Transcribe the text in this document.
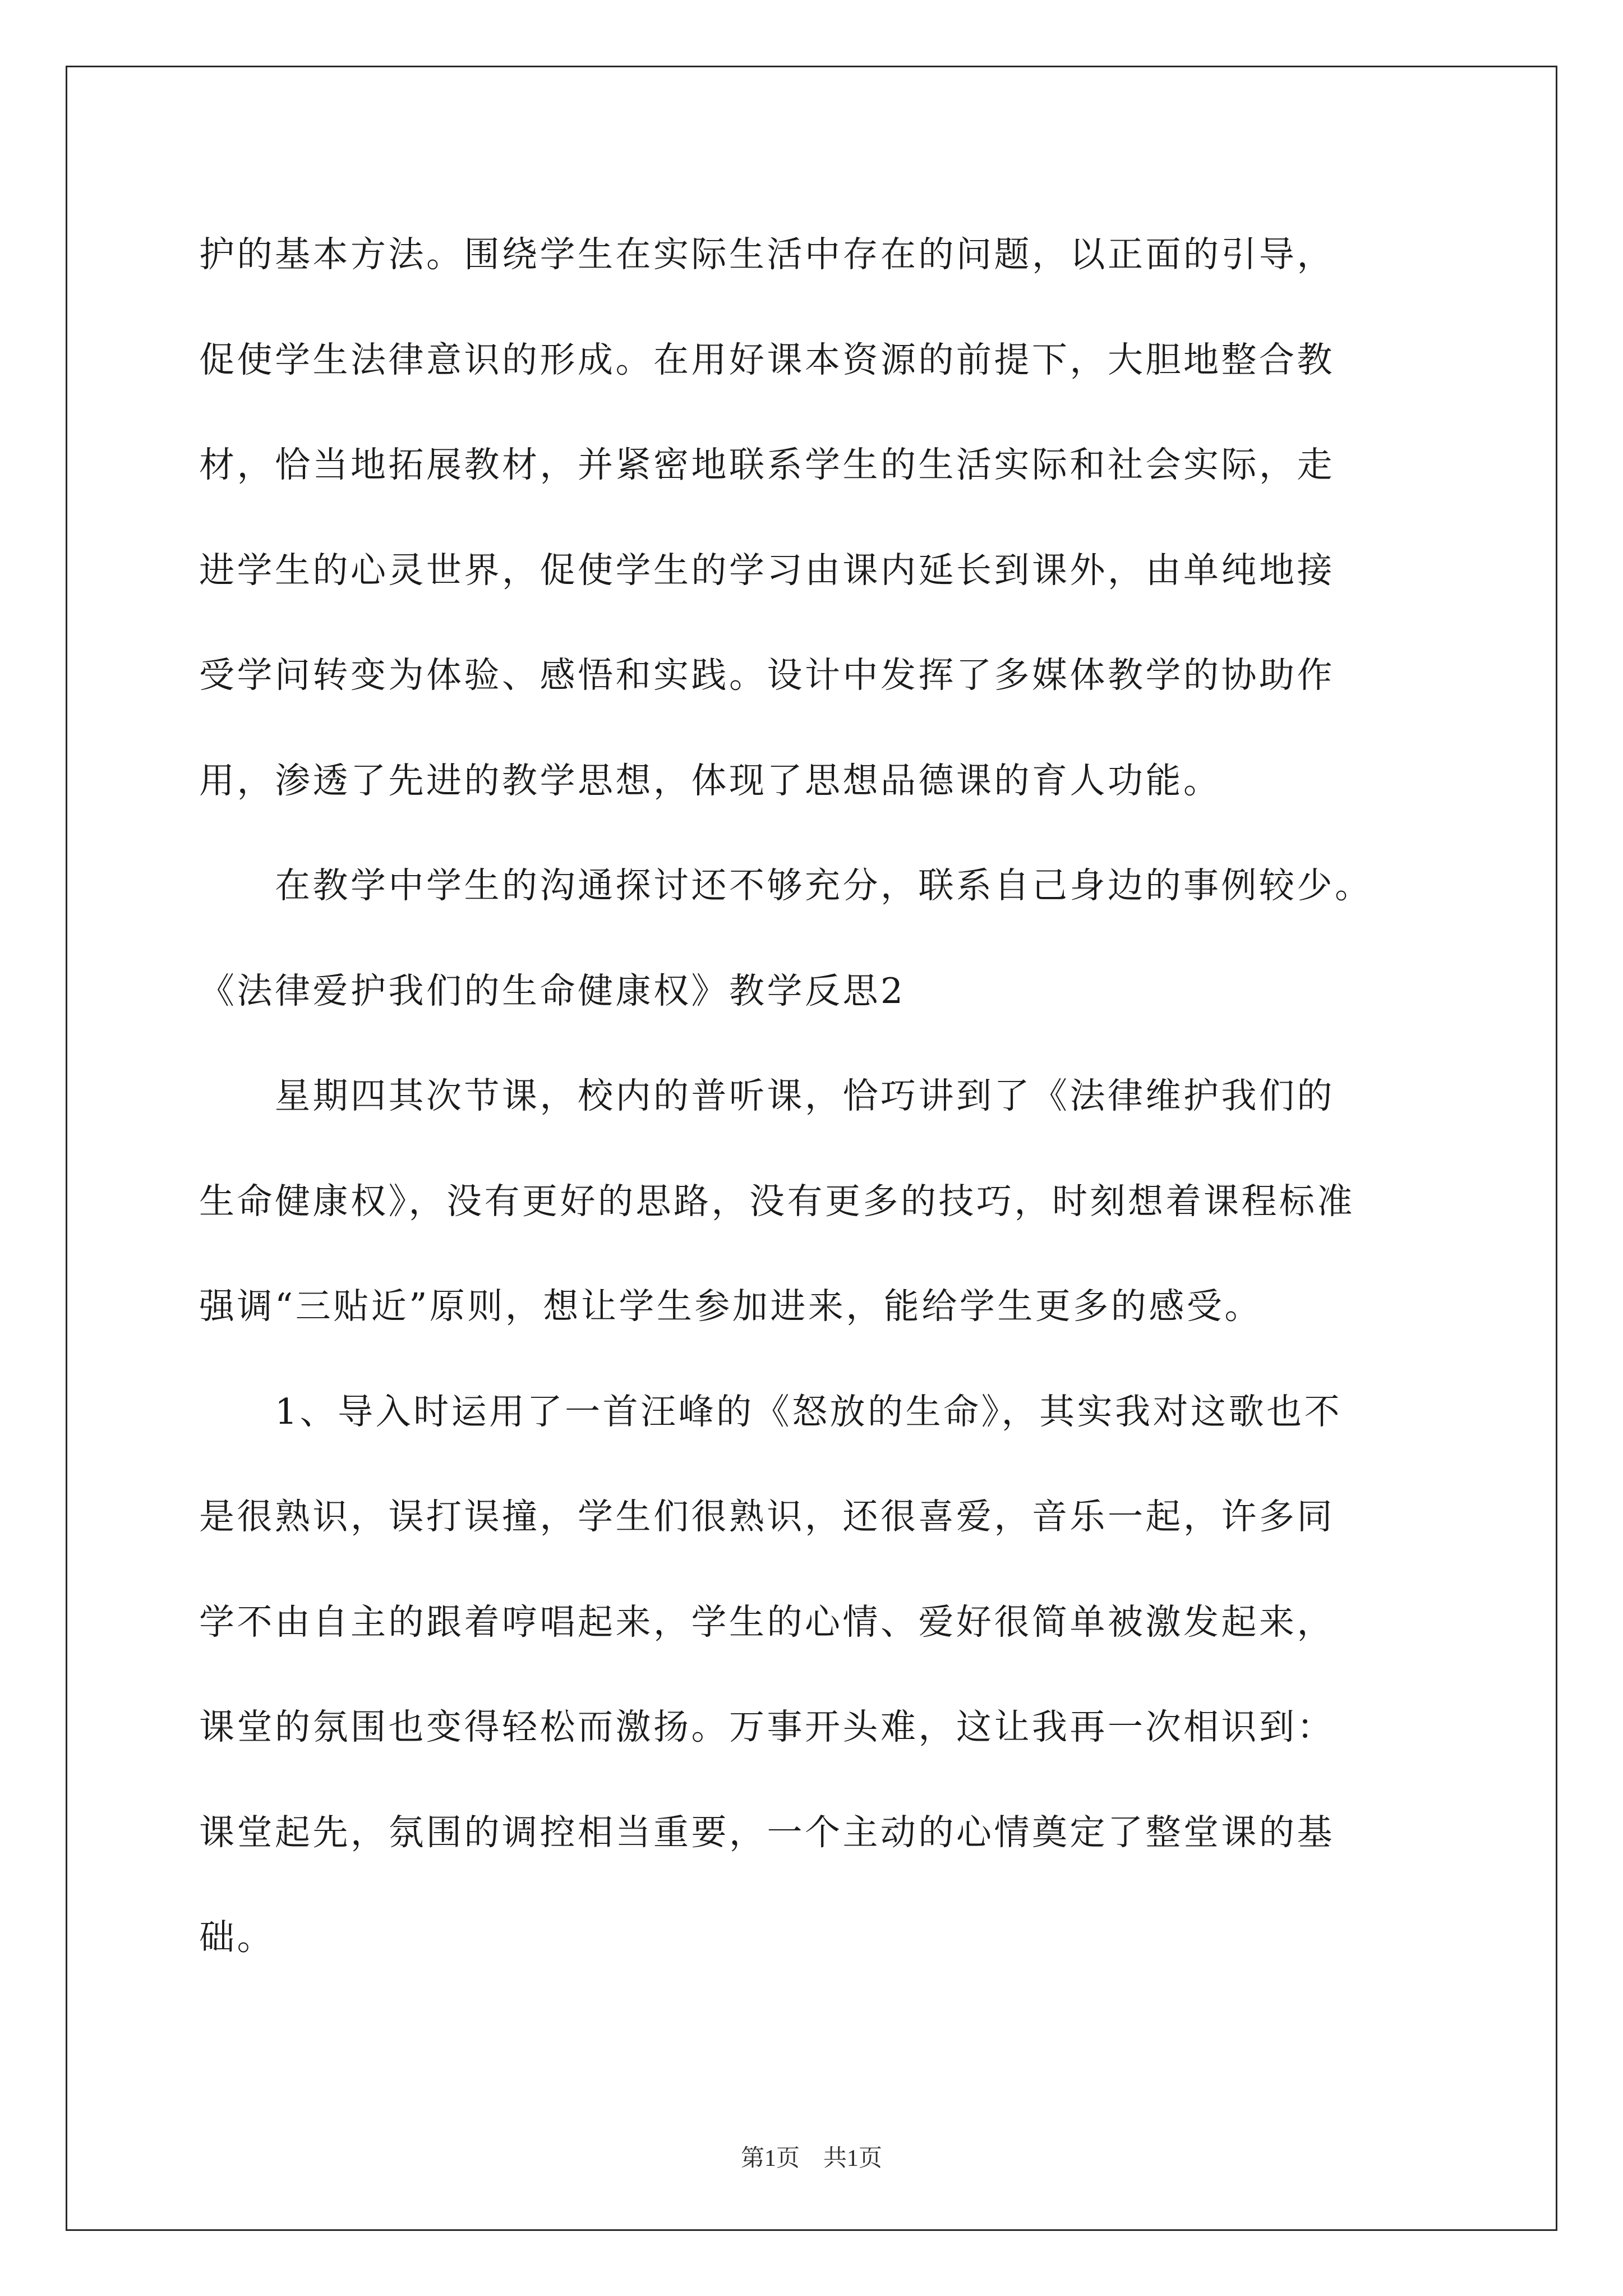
护的基本方法。围绕学生在实际生活中存在的问题，以正面的引导，
促使学生法律意识的形成。在用好课本资源的前提下，大胆地整合教
材，恰当地拓展教材，并紧密地联系学生的生活实际和社会实际，走
进学生的心灵世界，促使学生的学习由课内延长到课外，由单纯地接
受学问转变为体验、感悟和实践。设计中发挥了多媒体教学的协助作
用，渗透了先进的教学思想，体现了思想品德课的育人功能。
在教学中学生的沟通探讨还不够充分，联系自己身边的事例较少。
《法律爱护我们的生命健康权》教学反思2
星期四其次节课，校内的普听课，恰巧讲到了《法律维护我们的
生命健康权》，没有更好的思路，没有更多的技巧，时刻想着课程标准
强调“三贴近”原则，想让学生参加进来，能给学生更多的感受。
1、导入时运用了一首汪峰的《怒放的生命》，其实我对这歌也不
是很熟识，误打误撞，学生们很熟识，还很喜爱，音乐一起，许多同
学不由自主的跟着哼唱起来，学生的心情、爱好很简单被激发起来，
课堂的氛围也变得轻松而激扬。万事开头难，这让我再一次相识到：
课堂起先，氛围的调控相当重要，一个主动的心情奠定了整堂课的基
础。
第1页 共1页
